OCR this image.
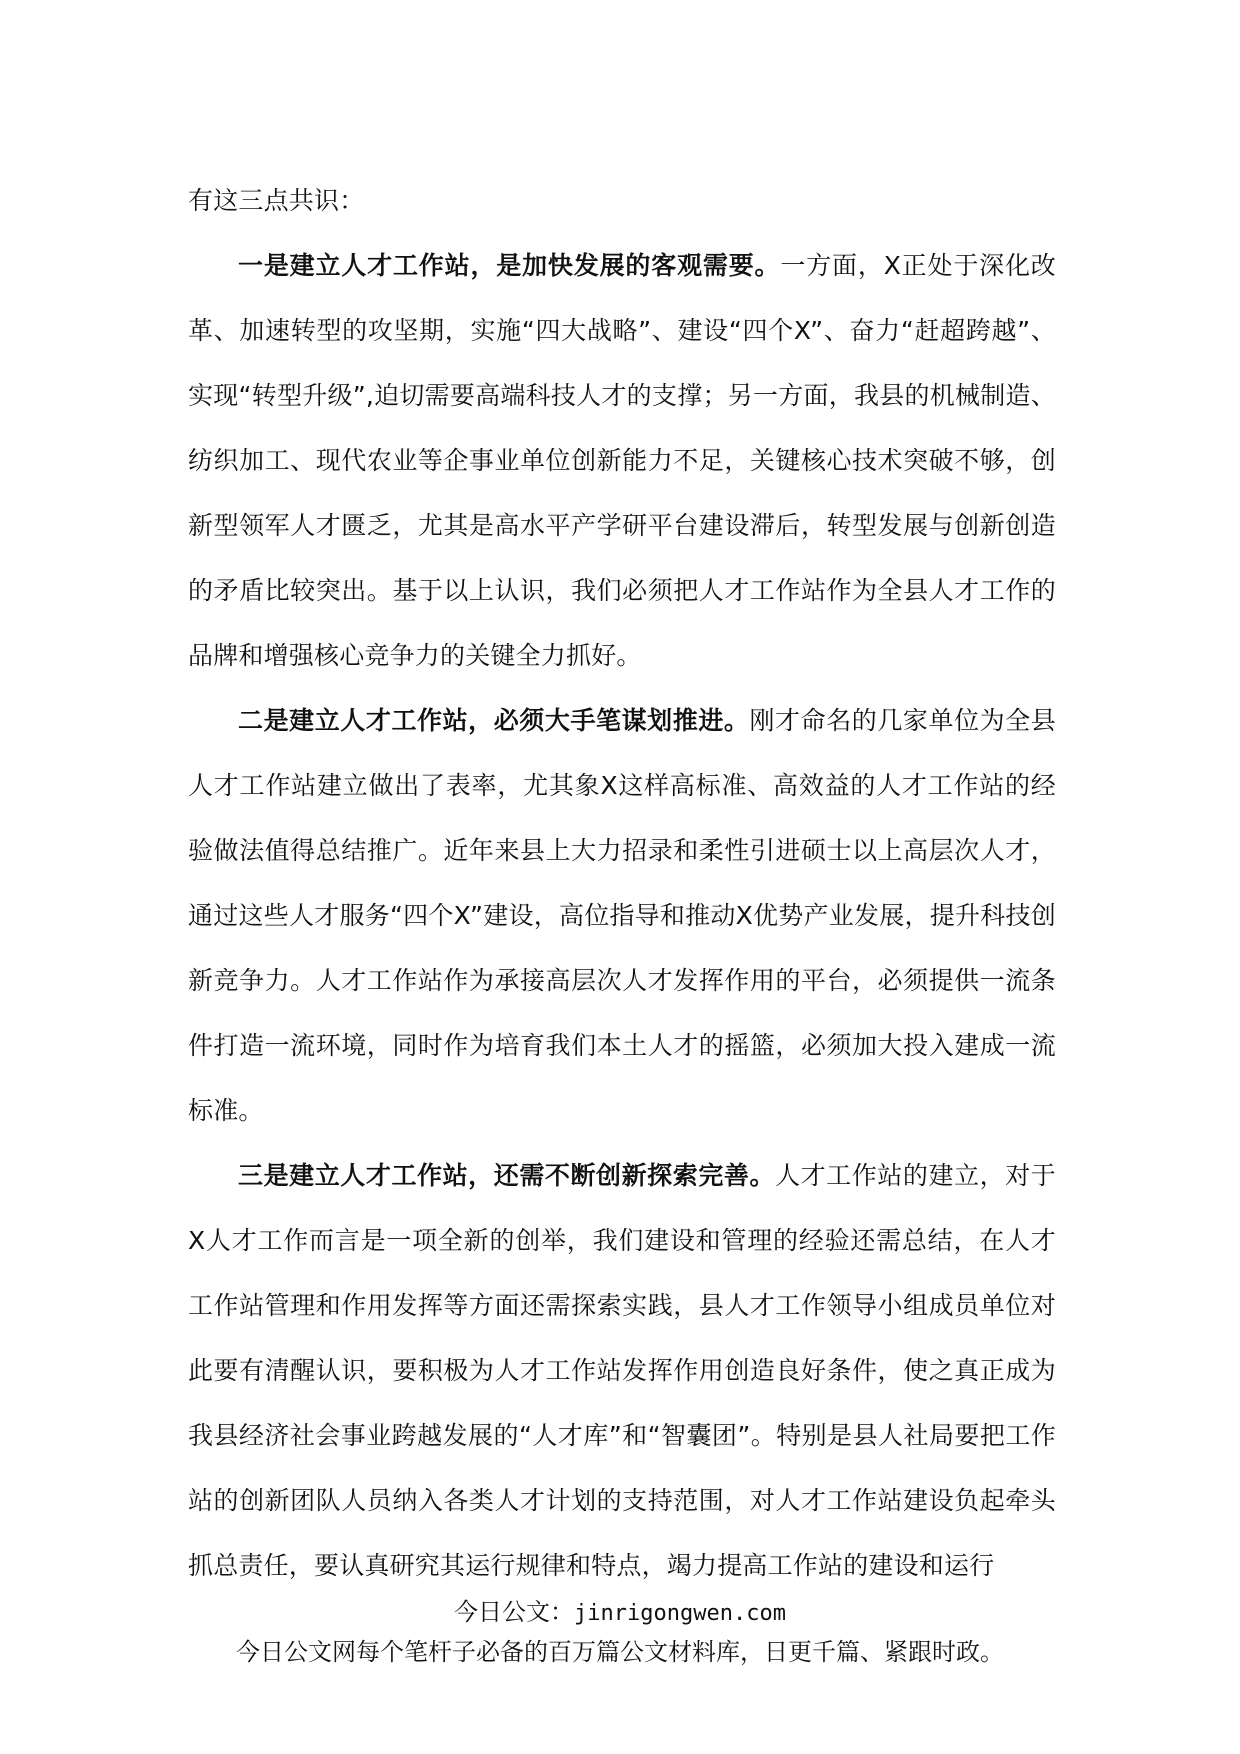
有这三点共识：

一是建立人才工作站，是加快发展的客观需要。一方面，X正处于深化改革、加速转型的攻坚期，实施“四大战略”、建设“四个X”、奋力“赶超跨越”、实现“转型升级”,迫切需要高端科技人才的支撑；另一方面，我县的机械制造、纺织加工、现代农业等企事业单位创新能力不足，关键核心技术突破不够，创新型领军人才匮乏，尤其是高水平产学研平台建设滞后，转型发展与创新创造的矛盾比较突出。基于以上认识，我们必须把人才工作站作为全县人才工作的品牌和增强核心竞争力的关键全力抓好。

二是建立人才工作站，必须大手笔谋划推进。刚才命名的几家单位为全县人才工作站建立做出了表率，尤其象X这样高标准、高效益的人才工作站的经验做法值得总结推广。近年来县上大力招录和柔性引进硕士以上高层次人才，通过这些人才服务“四个X”建设，高位指导和推动X优势产业发展，提升科技创新竞争力。人才工作站作为承接高层次人才发挥作用的平台，必须提供一流条件打造一流环境，同时作为培育我们本土人才的摇篮，必须加大投入建成一流标准。

三是建立人才工作站，还需不断创新探索完善。人才工作站的建立，对于X人才工作而言是一项全新的创举，我们建设和管理的经验还需总结，在人才工作站管理和作用发挥等方面还需探索实践，县人才工作领导小组成员单位对此要有清醒认识，要积极为人才工作站发挥作用创造良好条件，使之真正成为我县经济社会事业跨越发展的“人才库”和“智囊团”。特别是县人社局要把工作站的创新团队人员纳入各类人才计划的支持范围，对人才工作站建设负起牵头抓总责任，要认真研究其运行规律和特点，竭力提高工作站的建设和运行

今日公文：jinrigongwen.com
今日公文网每个笔杆子必备的百万篇公文材料库，日更千篇、紧跟时政。
